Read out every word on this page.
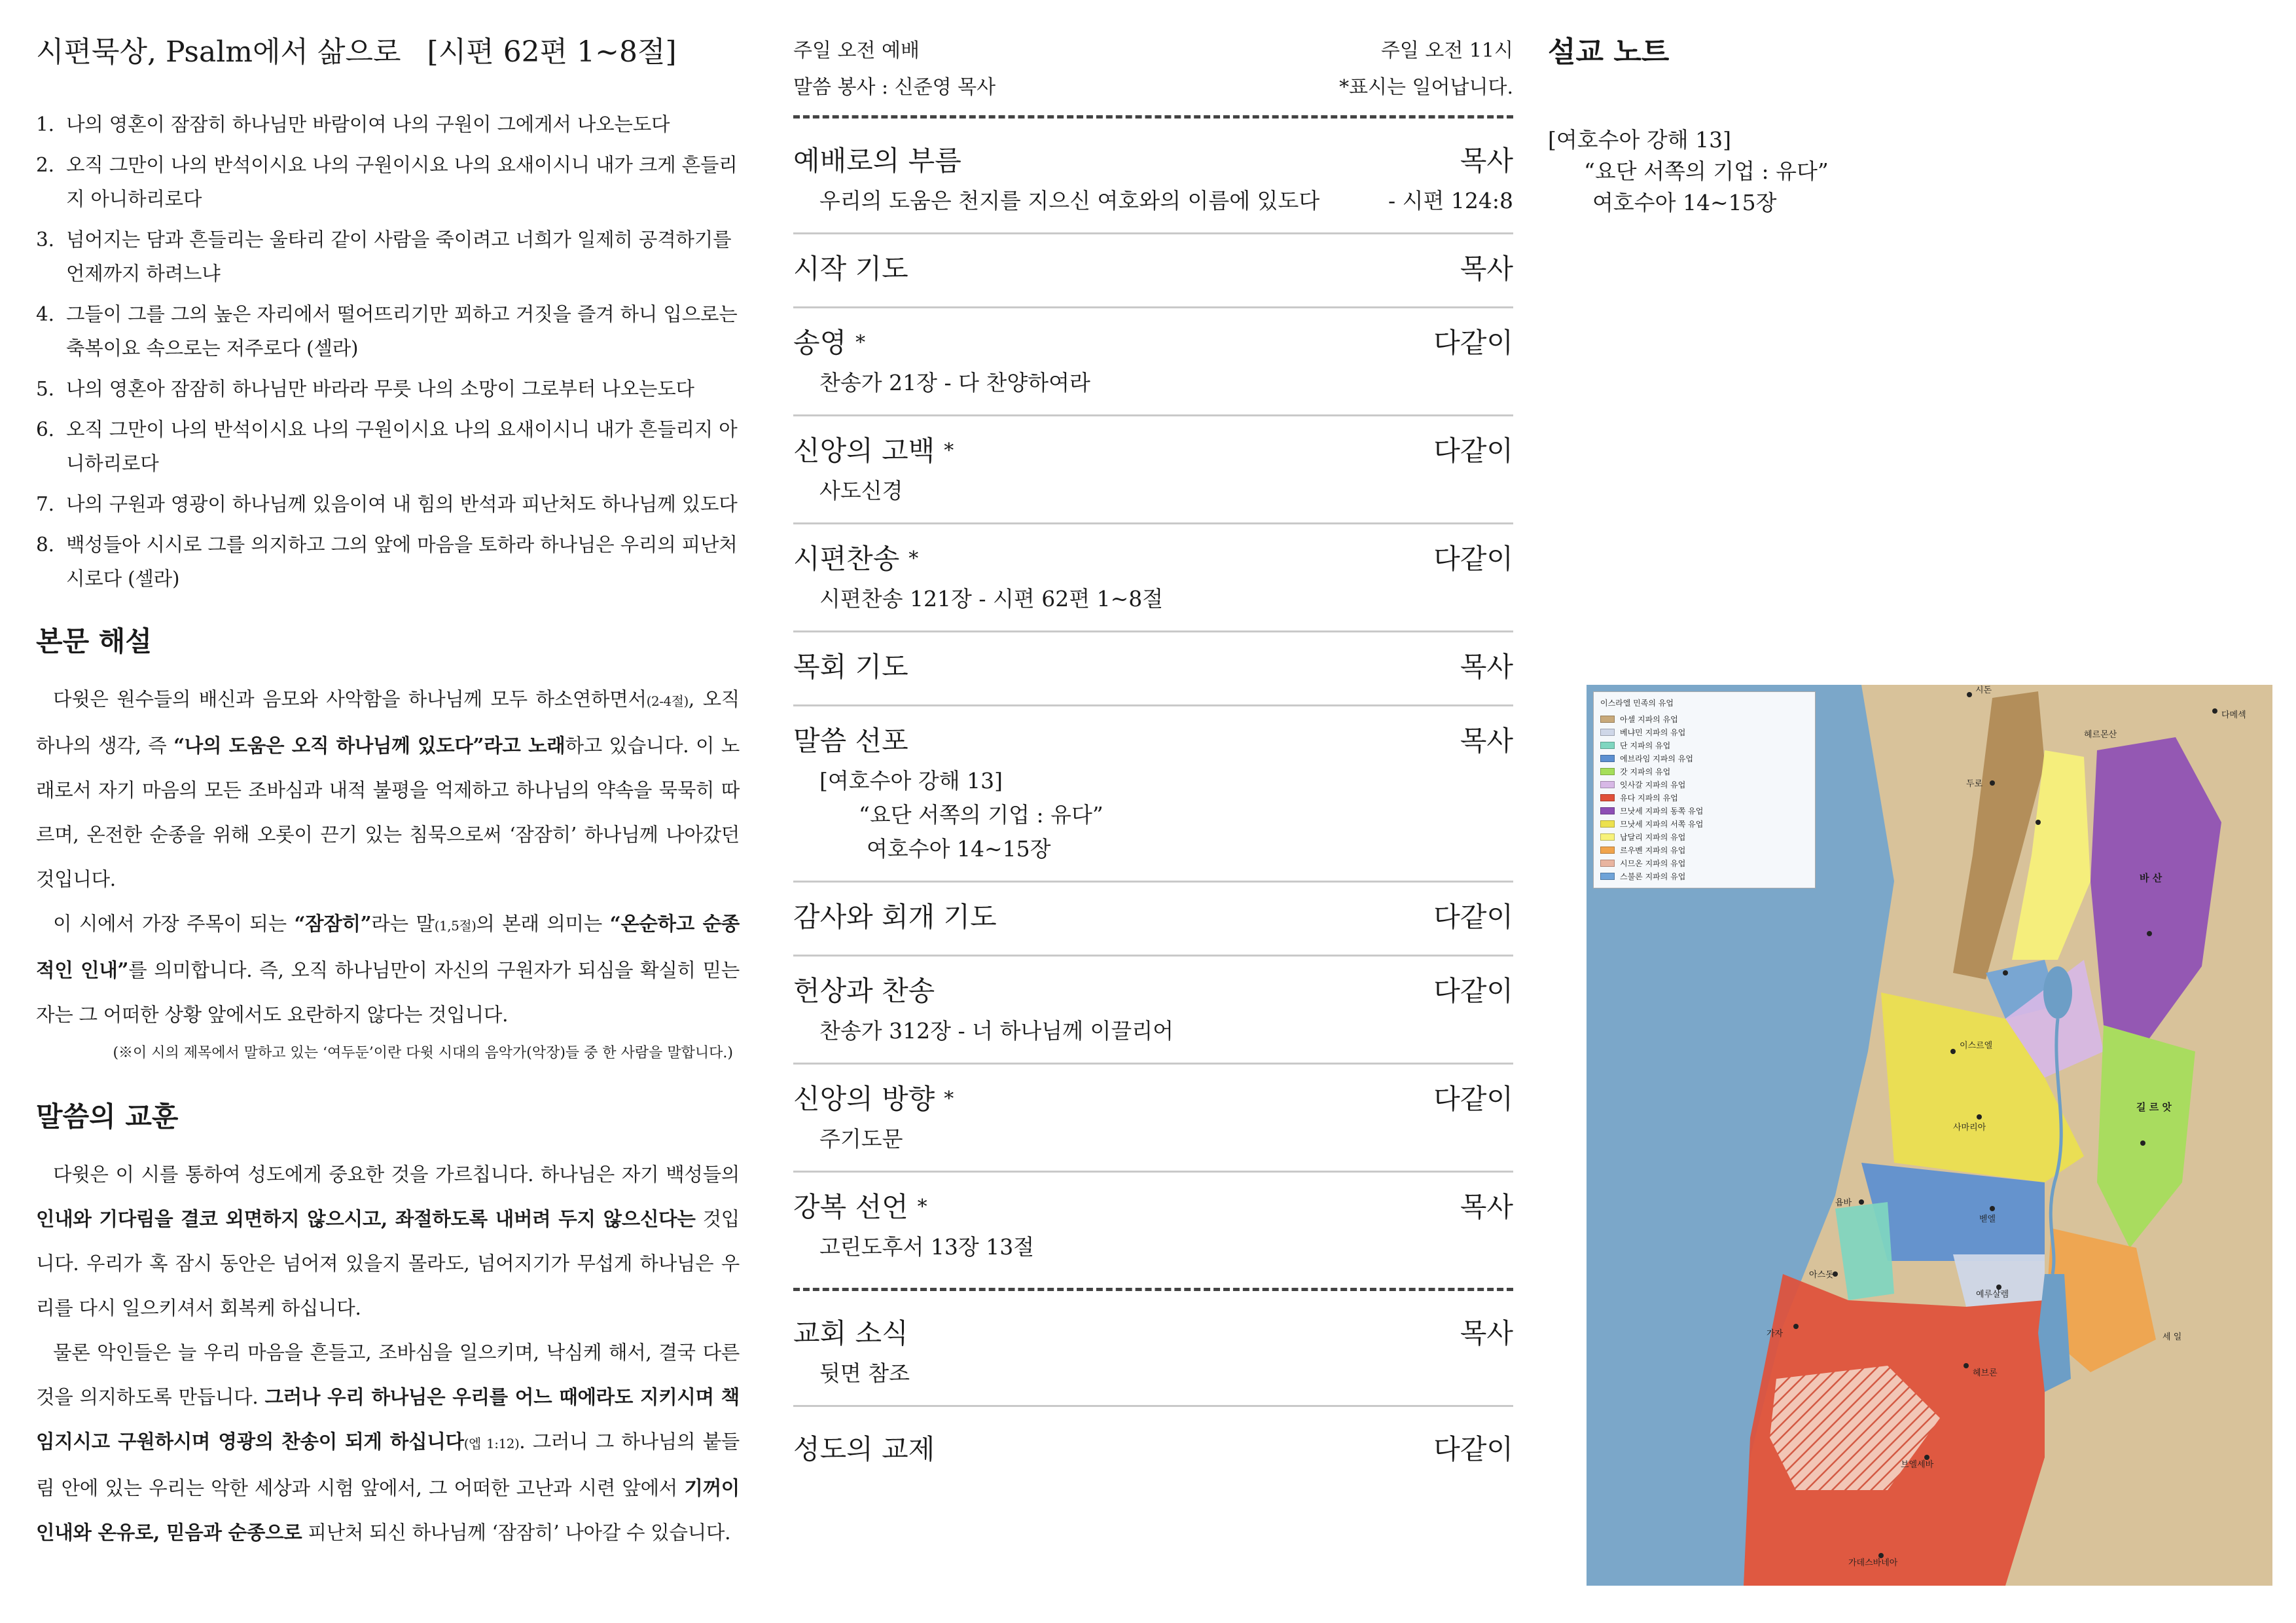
시편묵상, Psalm에서 삶으로 [시편 62편 1~8절]
1. 나의 영혼이 잠잠히 하나님만 바람이여 나의 구원이 그에게서 나오는도다
2. 오직 그만이 나의 반석이시요 나의 구원이시요 나의 요새이시니 내가 크게 흔들리지 아니하리로다
3. 넘어지는 담과 흔들리는 울타리 같이 사람을 죽이려고 너희가 일제히 공격하기를 언제까지 하려느냐
4. 그들이 그를 그의 높은 자리에서 떨어뜨리기만 꾀하고 거짓을 즐겨 하니 입으로는 축복이요 속으로는 저주로다 (셀라)
5. 나의 영혼아 잠잠히 하나님만 바라라 무릇 나의 소망이 그로부터 나오는도다
6. 오직 그만이 나의 반석이시요 나의 구원이시요 나의 요새이시니 내가 흔들리지 아니하리로다
7. 나의 구원과 영광이 하나님께 있음이여 내 힘의 반석과 피난처도 하나님께 있도다
8. 백성들아 시시로 그를 의지하고 그의 앞에 마음을 토하라 하나님은 우리의 피난처시로다 (셀라)
본문 해설

다윗은 원수들의 배신과 음모와 사악함을 하나님께 모두 하소연하면서(2-4절), 오직 하나의 생각, 즉 “나의 도움은 오직 하나님께 있도다”라고 노래하고 있습니다. 이 노래로서 자기 마음의 모든 조바심과 내적 불평을 억제하고 하나님의 약속을 묵묵히 따르며, 온전한 순종을 위해 오롯이 끈기 있는 침묵으로써 ‘잠잠히’ 하나님께 나아갔던 것입니다.

이 시에서 가장 주목이 되는 “잠잠히”라는 말(1,5절)의 본래 의미는 “온순하고 순종적인 인내”를 의미합니다. 즉, 오직 하나님만이 자신의 구원자가 되심을 확실히 믿는 자는 그 어떠한 상황 앞에서도 요란하지 않다는 것입니다.

(※이 시의 제목에서 말하고 있는 ‘여두둔’이란 다윗 시대의 음악가(악장)들 중 한 사람을 말합니다.)

말씀의 교훈

다윗은 이 시를 통하여 성도에게 중요한 것을 가르칩니다. 하나님은 자기 백성들의 인내와 기다림을 결코 외면하지 않으시고, 좌절하도록 내버려 두지 않으신다는 것입니다. 우리가 혹 잠시 동안은 넘어져 있을지 몰라도, 넘어지기가 무섭게 하나님은 우리를 다시 일으키셔서 회복케 하십니다.

물론 악인들은 늘 우리 마음을 흔들고, 조바심을 일으키며, 낙심케 해서, 결국 다른 것을 의지하도록 만듭니다. 그러나 우리 하나님은 우리를 어느 때에라도 지키시며 책임지시고 구원하시며 영광의 찬송이 되게 하십니다(엡 1:12). 그러니 그 하나님의 붙들림 안에 있는 우리는 악한 세상과 시험 앞에서, 그 어떠한 고난과 시련 앞에서 기꺼이 인내와 온유로, 믿음과 순종으로 피난처 되신 하나님께 ‘잠잠히’ 나아갈 수 있습니다.

주일 오전 예배
말씀 봉사 : 신준영 목사
주일 오전 11시
*표시는 일어납니다.
예배로의 부름	목사
우리의 도움은 천지를 지으신 여호와의 이름에 있도다	- 시편 124:8
시작 기도	목사
송영 *	다같이
찬송가 21장 - 다 찬양하여라
신앙의 고백 *	다같이
사도신경
시편찬송 *	다같이
시편찬송 121장 - 시편 62편 1~8절
목회 기도	목사
말씀 선포	목사
[여호수아 강해 13]
“요단 서쪽의 기업 : 유다”
여호수아 14~15장
감사와 회개 기도	다같이
헌상과 찬송	다같이
찬송가 312장 - 너 하나님께 이끌리어
신앙의 방향 *	다같이
주기도문
강복 선언 *	목사
고린도후서 13장 13절
교회 소식	목사
뒷면 참조
성도의 교제	다같이
설교 노트
[여호수아 강해 13]
“요단 서쪽의 기업 : 유다”
여호수아 14~15장
시돈
다메섹
두로
헤르몬산
바 산
길 르 앗
이스르엘
사마리아
벧엘
예루살렘
헤브론
브엘세바
가자
아스돗
욥바
세 일
가데스바네아
이스라엘 민족의 유업
아셀 지파의 유업
베냐민 지파의 유업
단 지파의 유업
에브라임 지파의 유업
갓 지파의 유업
잇사갈 지파의 유업
유다 지파의 유업
므낫세 지파의 동쪽 유업
므낫세 지파의 서쪽 유업
납달리 지파의 유업
르우벤 지파의 유업
시므온 지파의 유업
스불론 지파의 유업
